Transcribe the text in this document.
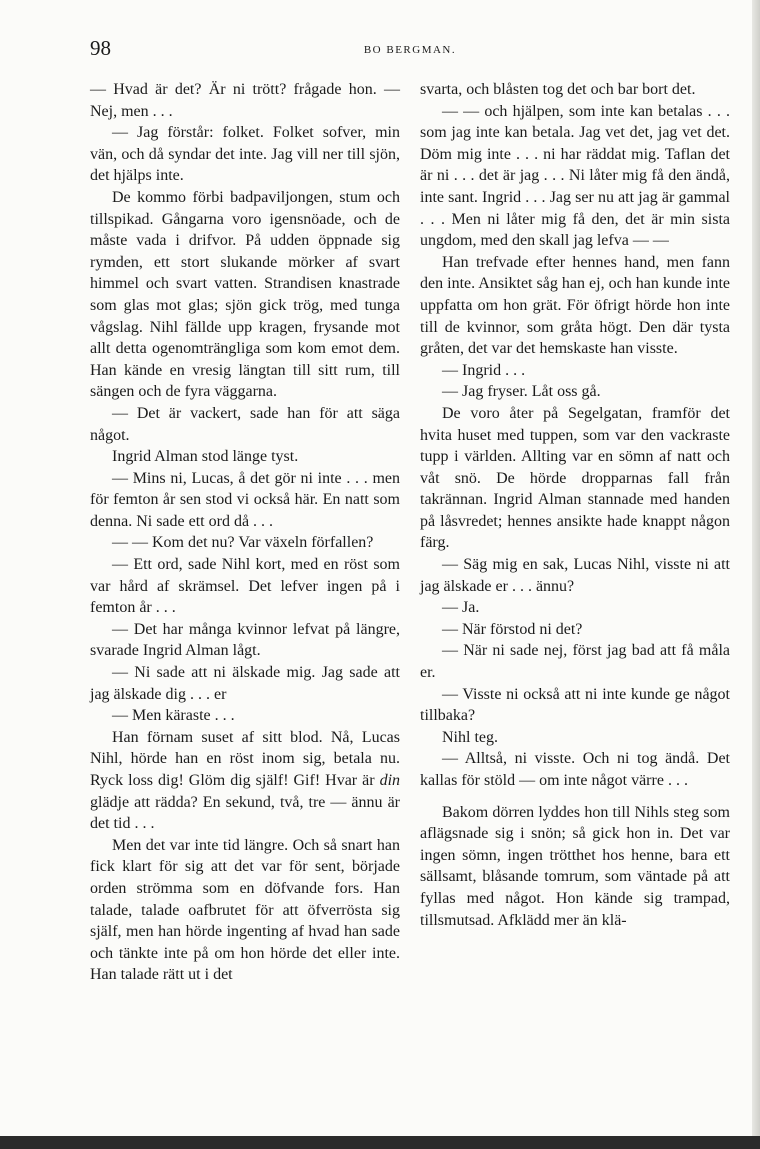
98	BO BERGMAN.

— Hvad är det? Är ni trött? frågade hon. — Nej, men . . .

— Jag förstår: folket. Folket sofver, min vän, och då syndar det inte. Jag vill ner till sjön, det hjälps inte.

De kommo förbi badpaviljongen, stum och tillspikad. Gångarna voro igensnöade, och de måste vada i drifvor. På udden öppnade sig rymden, ett stort slukande mörker af svart himmel och svart vatten. Strandisen knastrade som glas mot glas; sjön gick trög, med tunga vågslag. Nihl fällde upp kragen, frysande mot allt detta ogenomträngliga som kom emot dem. Han kände en vresig längtan till sitt rum, till sängen och de fyra väggarna.

— Det är vackert, sade han för att säga något.

Ingrid Alman stod länge tyst.

— Mins ni, Lucas, å det gör ni inte . . . men för femton år sen stod vi också här. En natt som denna. Ni sade ett ord då . . .

— — Kom det nu? Var växeln förfallen?

— Ett ord, sade Nihl kort, med en röst som var hård af skrämsel. Det lefver ingen på i femton år . . .

— Det har många kvinnor lefvat på längre, svarade Ingrid Alman lågt.

— Ni sade att ni älskade mig. Jag sade att jag älskade dig . . . er

— Men käraste . . .

Han förnam suset af sitt blod. Nå, Lucas Nihl, hörde han en röst inom sig, betala nu. Ryck loss dig! Glöm dig själf! Gif! Hvar är din glädje att rädda? En sekund, två, tre — ännu är det tid . . .

Men det var inte tid längre. Och så snart han fick klart för sig att det var för sent, började orden strömma som en döfvande fors. Han talade, talade oafbrutet för att öfverrösta sig själf, men han hörde ingenting af hvad han sade och tänkte inte på om hon hörde det eller inte. Han talade rätt ut i det

svarta, och blåsten tog det och bar bort det.

— — och hjälpen, som inte kan betalas . . . som jag inte kan betala. Jag vet det, jag vet det. Döm mig inte . . . ni har räddat mig. Taflan det är ni . . . det är jag . . . Ni låter mig få den ändå, inte sant. Ingrid . . . Jag ser nu att jag är gammal . . . Men ni låter mig få den, det är min sista ungdom, med den skall jag lefva — —

Han trefvade efter hennes hand, men fann den inte. Ansiktet såg han ej, och han kunde inte uppfatta om hon grät. För öfrigt hörde hon inte till de kvinnor, som gråta högt. Den där tysta gråten, det var det hemskaste han visste.

— Ingrid . . .

— Jag fryser. Låt oss gå.

De voro åter på Segelgatan, framför det hvita huset med tuppen, som var den vackraste tupp i världen. Allting var en sömn af natt och våt snö. De hörde dropparnas fall från takrännan. Ingrid Alman stannade med handen på låsvredet; hennes ansikte hade knappt någon färg.

— Säg mig en sak, Lucas Nihl, visste ni att jag älskade er . . . ännu?

— Ja.

— När förstod ni det?

— När ni sade nej, först jag bad att få måla er.

— Visste ni också att ni inte kunde ge något tillbaka?

Nihl teg.

— Alltså, ni visste. Och ni tog ändå. Det kallas för stöld — om inte något värre . . .

Bakom dörren lyddes hon till Nihls steg som aflägsnade sig i snön; så gick hon in. Det var ingen sömn, ingen trötthet hos henne, bara ett sällsamt, blåsande tomrum, som väntade på att fyllas med något. Hon kände sig trampad, tillsmutsad. Afklädd mer än klä-
